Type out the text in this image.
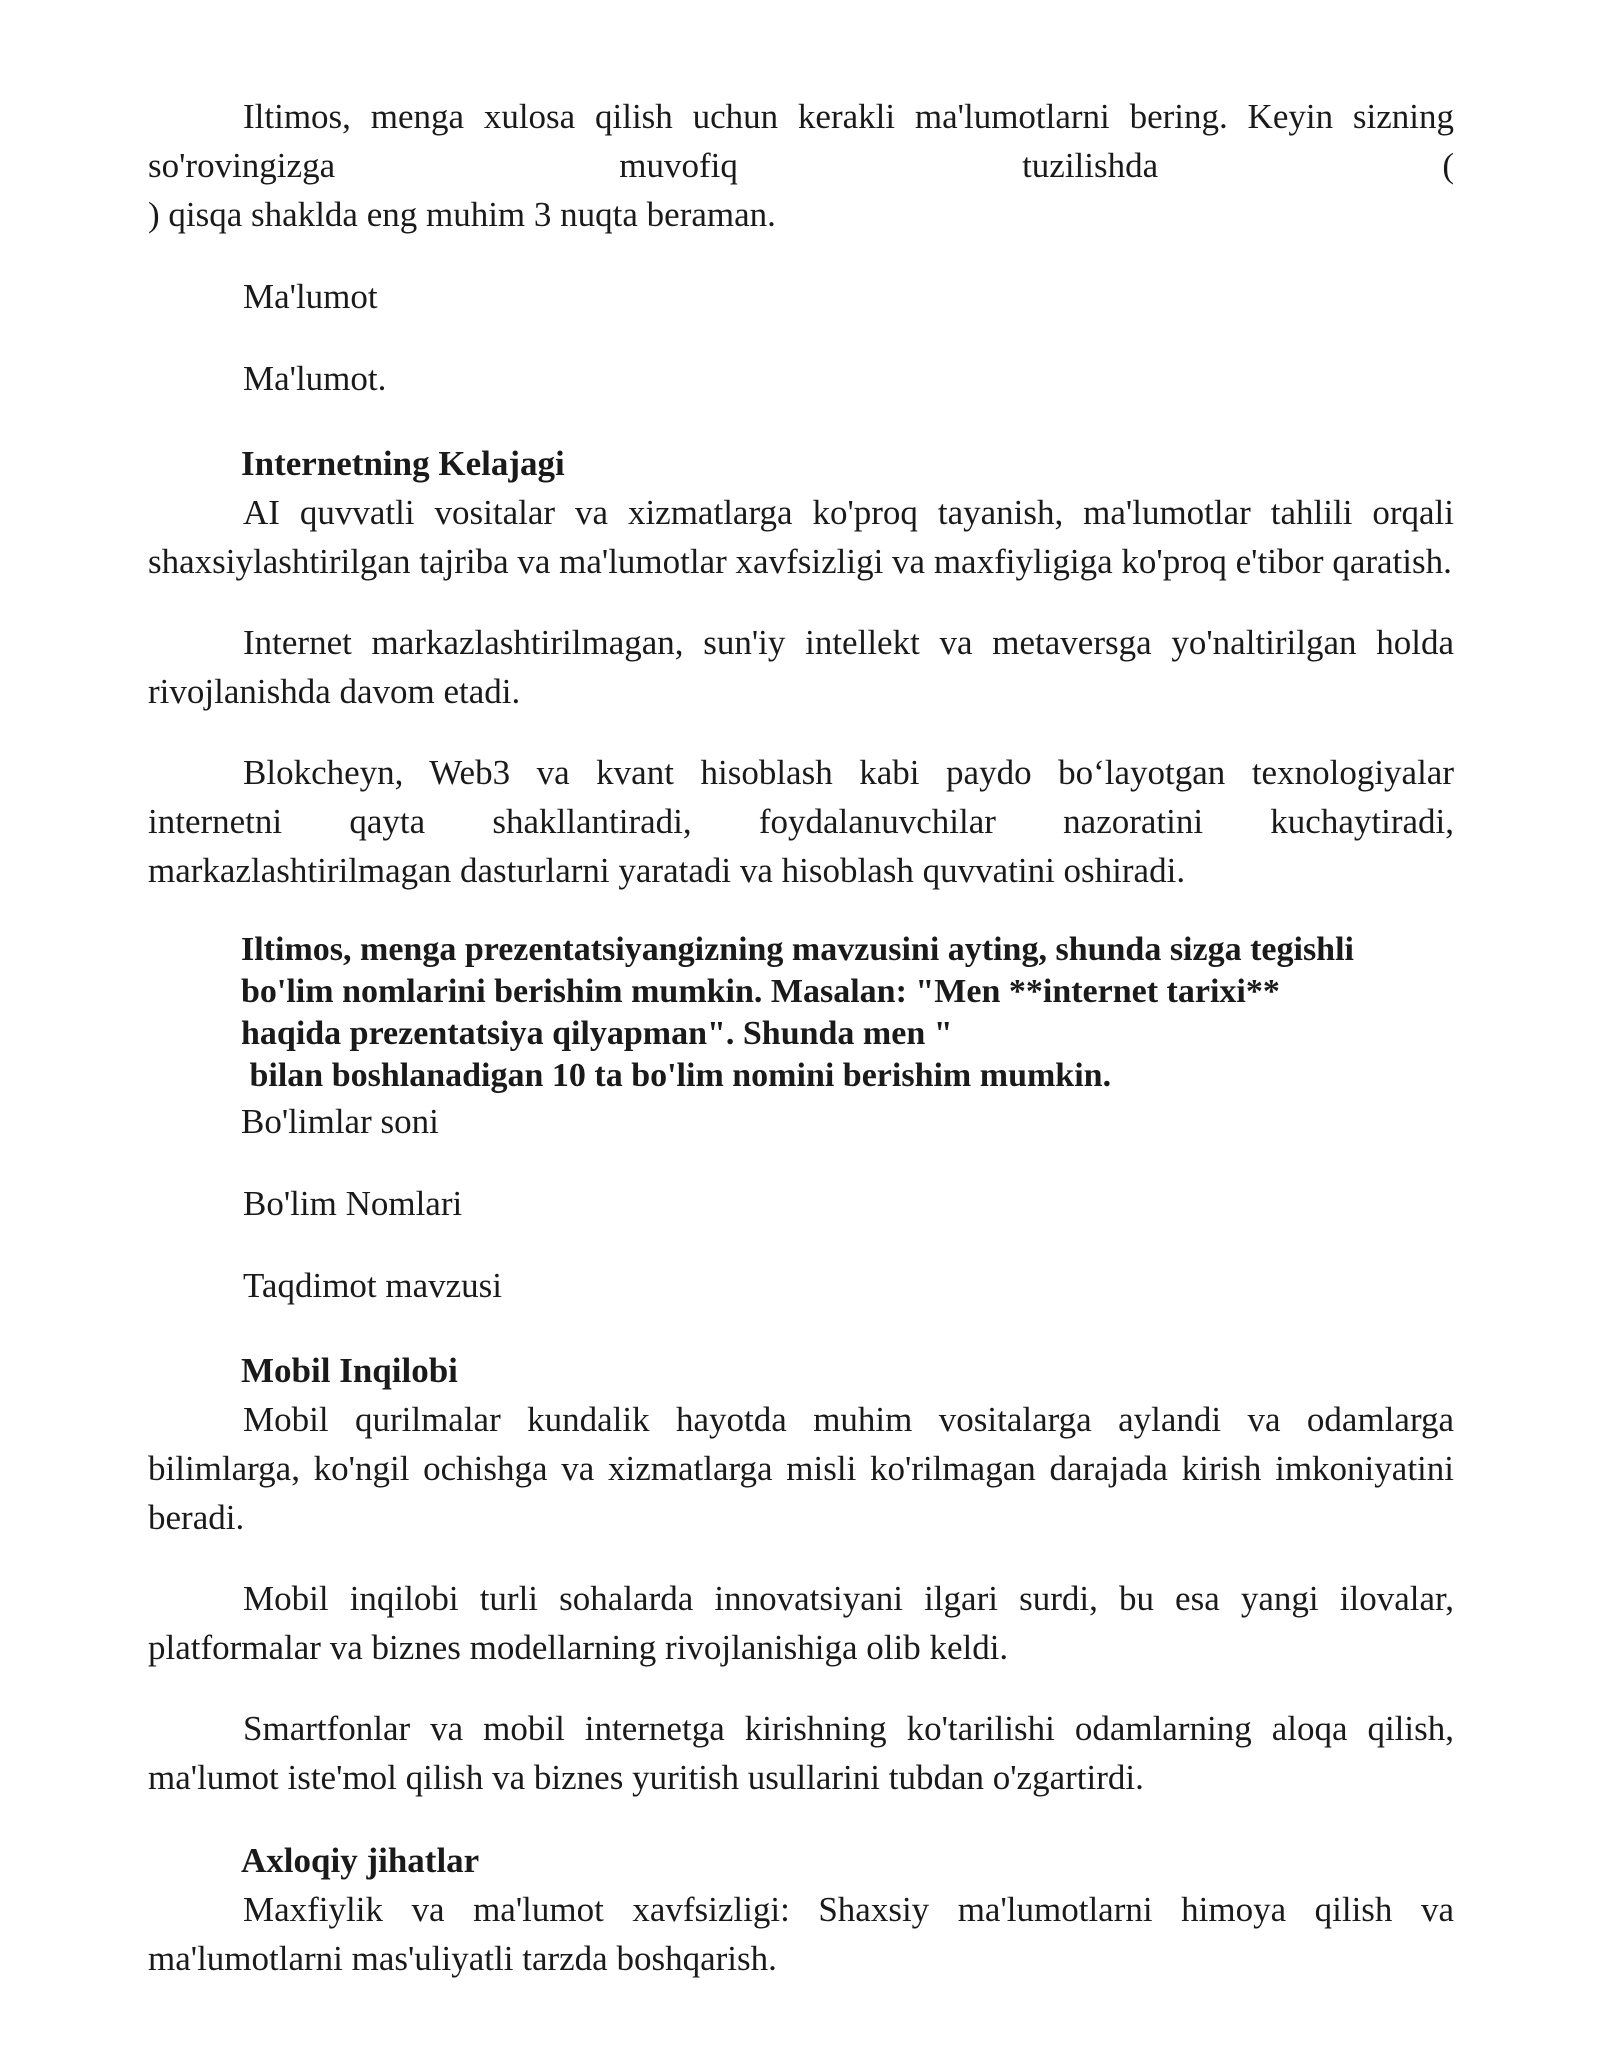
Iltimos, menga xulosa qilish uchun kerakli ma'lumotlarni bering. Keyin sizning

so'rovingizga	muvofiq	tuzilishda	(

) qisqa shaklda eng muhim 3 nuqta beraman.

Ma'lumot

Ma'lumot.

Internetning Kelajagi

AI quvvatli vositalar va xizmatlarga ko'proq tayanish, ma'lumotlar tahlili orqali shaxsiylashtirilgan tajriba va ma'lumotlar xavfsizligi va maxfiyligiga ko'proq e'tibor qaratish.

Internet markazlashtirilmagan, sun'iy intellekt va metaversga yo'naltirilgan holda rivojlanishda davom etadi.

Blokcheyn, Web3 va kvant hisoblash kabi paydo bo‘layotgan texnologiyalar internetni qayta shakllantiradi, foydalanuvchilar nazoratini kuchaytiradi, markazlashtirilmagan dasturlarni yaratadi va hisoblash quvvatini oshiradi.

Iltimos, menga prezentatsiyangizning mavzusini ayting, shunda sizga tegishli
bo'lim nomlarini berishim mumkin. Masalan: "Men **internet tarixi**
haqida prezentatsiya qilyapman". Shunda men "
bilan boshlanadigan 10 ta bo'lim nomini berishim mumkin.

Bo'limlar soni

Bo'lim Nomlari

Taqdimot mavzusi

Mobil Inqilobi

Mobil qurilmalar kundalik hayotda muhim vositalarga aylandi va odamlarga bilimlarga, ko'ngil ochishga va xizmatlarga misli ko'rilmagan darajada kirish imkoniyatini beradi.

Mobil inqilobi turli sohalarda innovatsiyani ilgari surdi, bu esa yangi ilovalar, platformalar va biznes modellarning rivojlanishiga olib keldi.

Smartfonlar va mobil internetga kirishning ko'tarilishi odamlarning aloqa qilish, ma'lumot iste'mol qilish va biznes yuritish usullarini tubdan o'zgartirdi.

Axloqiy jihatlar

Maxfiylik va ma'lumot xavfsizligi: Shaxsiy ma'lumotlarni himoya qilish va ma'lumotlarni mas'uliyatli tarzda boshqarish.
